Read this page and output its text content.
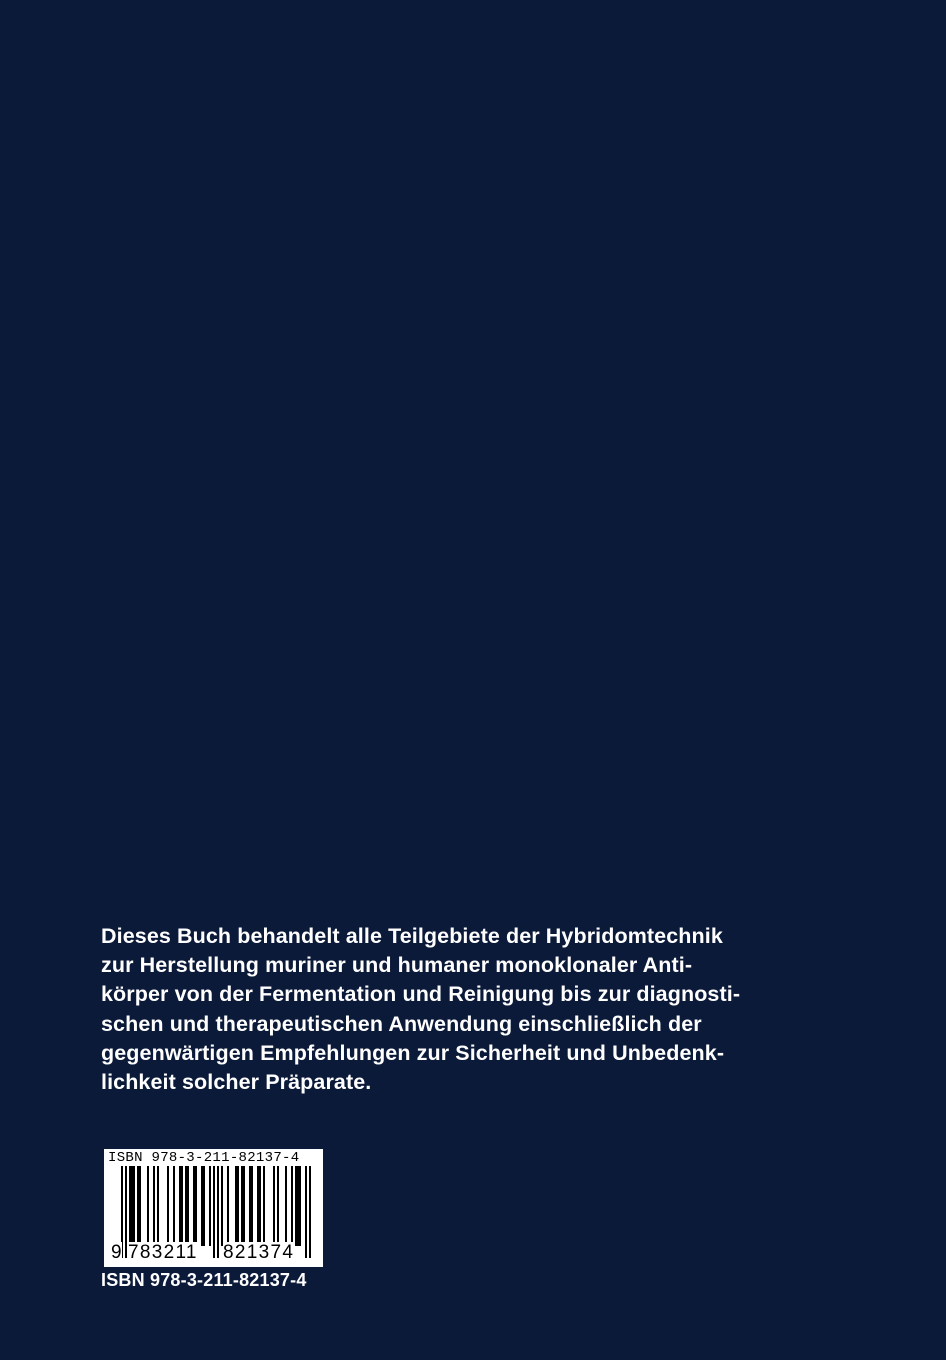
Dieses Buch behandelt alle Teilgebiete der Hybridomtechnik
zur Herstellung muriner und humaner monoklonaler Anti-
körper von der Fermentation und Reinigung bis zur diagnosti-
schen und therapeutischen Anwendung einschließlich der
gegenwärtigen Empfehlungen zur Sicherheit und Unbedenk-
lichkeit solcher Präparate.
ISBN 978-3-211-82137-4
9 783211 821374
ISBN 978-3-211-82137-4
